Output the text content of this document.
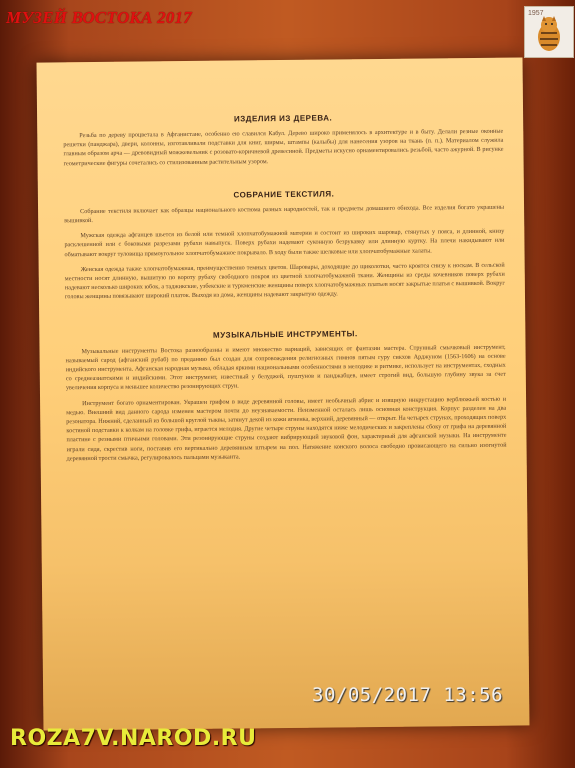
ИЗДЕЛИЯ ИЗ ДЕРЕВА.

Резьба по дереву процветала в Афганистане, особенно ею славился Кабул. Дерево широко применялось в архитектуре и в быту. Делали резные оконные решетки (панджара), двери, колонны, изготавливали подставки для книг, ширмы, штампы (калыбы) для нанесения узоров на ткань (п. п.). Материалом служила главным образом арча — древовидный можжевельник с розовато-коричневой древесиной. Предметы искусно орнаментировались резьбой, часто ажурной. В рисунке геометрические фигуры сочетались со стилизованным растительным узором.

СОБРАНИЕ ТЕКСТИЛЯ.

Собрание текстиля включает как образцы национального костюма разных народностей, так и предметы домашнего обихода. Все изделия богато украшены вышивкой.

Мужская одежда афганцев шьется из белой или темной хлопчатобумажной материи и состоит из широких шаровар, стянутых у пояса, и длинной, книзу расклешенной или с боковыми разрезами рубахи навыпуск. Поверх рубахи надевают суконную безрукавку или длинную куртку. На плечи накидывают или обматывают вокруг туловища прямоугольное хлопчатобумажное покрывало. В ходу были также шелковые или хлопчатобумажные халаты.

Женская одежда также хлопчатобумажная, преимущественно темных цветов. Шаровары, доходящие до щиколотки, часто кроятся снизу к носкам. В сельской местности носят длинную, вышитую по вороту рубаху свободного покроя из цветной хлопчатобумажной ткани. Женщины из среды кочевников поверх рубахи надевают несколько широких юбок, а таджикские, узбекские и туркменские женщины поверх хлопчатобумажных платьев носят закрытые платья с вышивкой. Вокруг головы женщины повязывают широкий платок. Выходя из дома, женщины надевают закрытую одежду.

МУЗЫКАЛЬНЫЕ ИНСТРУМЕНТЫ.

Музыкальные инструменты Востока разнообразны и имеют множество вариаций, зависящих от фантазии мастера. Струнный смычковый инструмент, называемый сарод (афганский рубаб) по преданию был создан для сопровождения религиозных гимнов пятым гуру сикхов Арджуном (1563-1606) на основе индийского инструмента. Афганская народная музыка, обладая яркими национальными особенностями в мелодике и ритмике, использует на инструментах, сходных со среднеазиатскими и индийскими. Этот инструмент, известный у белуджей, пуштунов и панджабцев, имеет строгий вид, большую глубину звука за счет увеличения корпуса и меньшее количество резонирующих струн.

Инструмент богато орнаментирован. Украшен грифом в виде деревянной головы, имеет необычный абрис и изящную инкрустацию верблюжьей костью и медью. Внешний вид данного сарода изменен мастером почти до неузнаваемости. Неизменной осталась лишь основная конструкция. Корпус разделен на два резонатора. Нижний, сделанный из большой круглой тыквы, затянут декой из кожи ягненка, верхний, деревянный — открыт. На четырех струнах, проходящих поверх костяной подставки к колкам на головке грифа, играется мелодия. Другие четыре струны находятся ниже мелодических и закреплены сбоку от грифа на деревянной пластине с резными птичьими головами. Эти резонирующие струны создают вибрирующий звуковой фон, характерный для афганской музыки. На инструменте играли сидя, скрестив ноги, поставив его вертикально деревянным штырем на пол. Натяжение конского волоса свободно провисающего на сильно изогнутой деревянной трости смычка, регулировалось пальцами музыканта.

МУЗЕЙ ВОСТОКА 2017
30/05/2017 13:56
ROZA7V.NAROD.RU
1957
